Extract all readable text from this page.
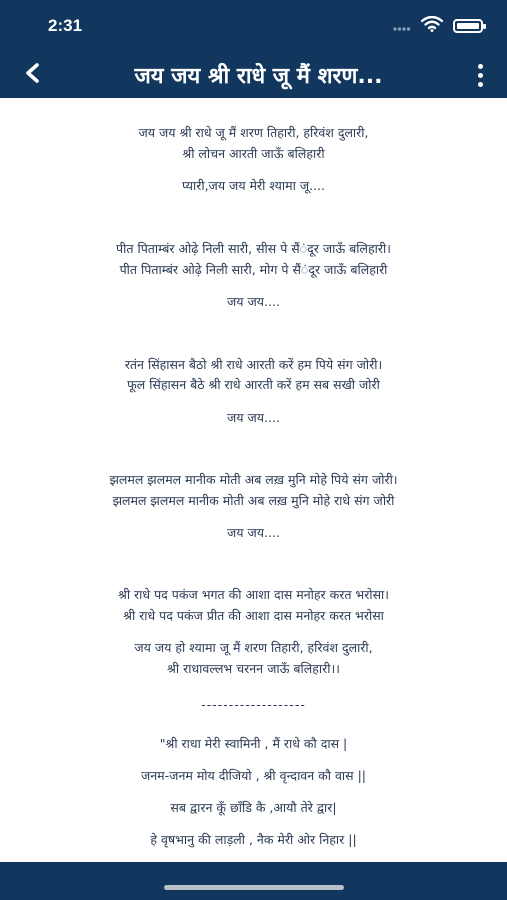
2:31
जय जय श्री राधे जू मैं शरण...
जय जय श्री राधे जू मैं शरण तिहारी, हरिवंश दुलारी,
श्री लोचन आरती जाऊँ बलिहारी
प्यारी,जय जय मेरी श्यामा जू....
पीत पिताम्बंर ओढ़े निली सारी, सीस पे सैं◌ंदूर जाऊँ बलिहारी।
पीत पिताम्बंर ओढ़े निली सारी, मोग पे सैं◌ंदूर जाऊँ बलिहारी
जय जय....
रतंन सिंहासन बैठो श्री राधे आरती करें हम पिये संग जोरी।
फूल सिंहासन बैठे श्री राधे आरती करें हम सब सखी जोरी
जय जय....
झलमल झलमल मानीक मोती अब लख़ मुनि मोहे पिये संग जोरी।
झलमल झलमल मानीक मोती अब लख़ मुनि मोहे राधे संग जोरी
जय जय....
श्री राधे पद पकंज भगत की आशा दास मनोहर करत भरोसा।
श्री राधे पद पकंज प्रीत की आशा दास मनोहर करत भरोसा
जय जय हो श्यामा जू मैं शरण तिहारी, हरिवंश दुलारी,
श्री राधावल्लभ चरनन जाऊँ बलिहारी।।
-------------------
"श्री राधा मेरी स्वामिनी , मैं राधे कौ दास |
जनम-जनम मोय दीजियो , श्री वृन्दावन कौ वास ||
सब द्वारन कूँ छाँडि कै ,आयौ तेरे द्वार|
हे वृषभानु की लाड़ली , नैक मेरी ओर निहार ||
